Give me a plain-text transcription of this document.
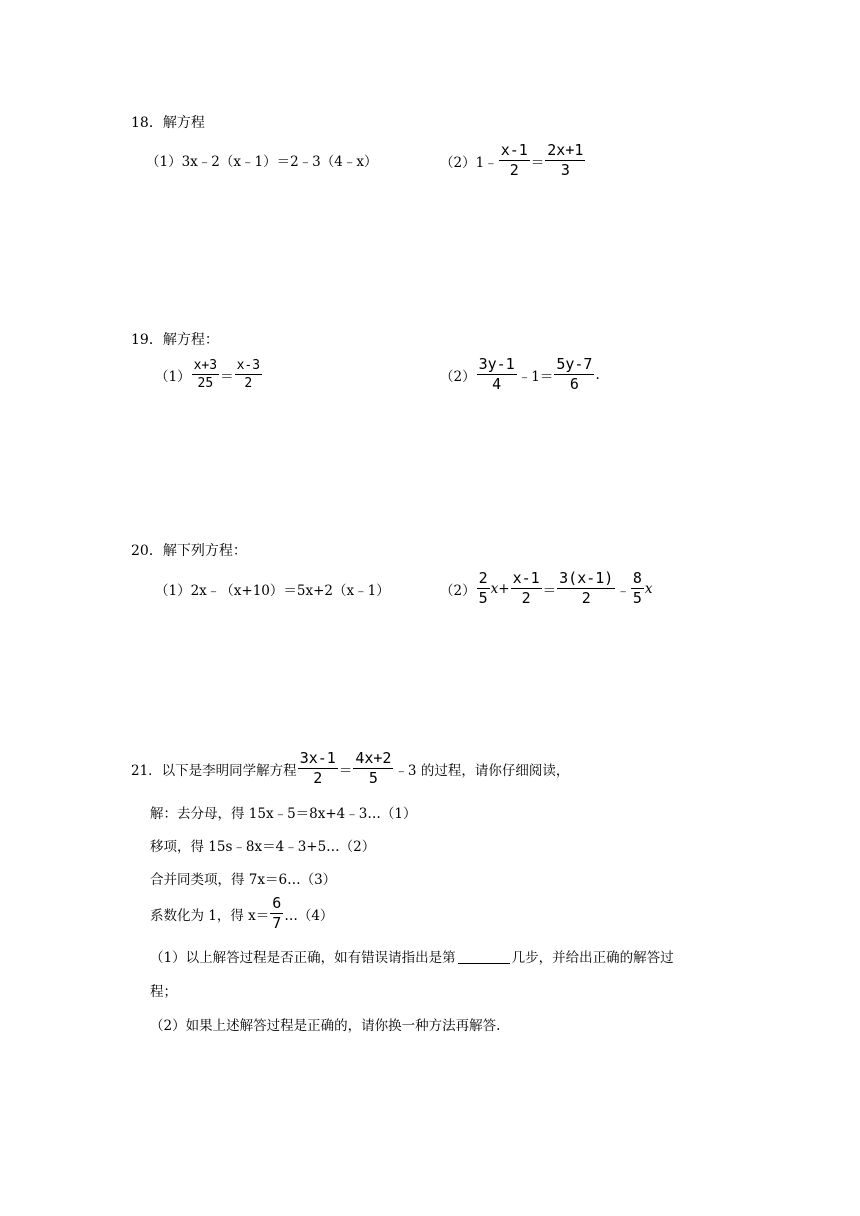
18．解方程
（1）3x﹣2（x﹣1）＝2﹣3（4﹣x）	（2）1﹣ $\frac{x-1}{2} = \frac{2x+1}{3}$
19．解方程：
$(1) \frac{x+3}{25} = \frac{x-3}{2}$	$(2) \frac{3y-1}{4}$ ﹣1＝ $\frac{5y-7}{6}$ .
20．解下列方程：
（1）2x﹣（x+10）＝5x+2（x﹣1）	$(2) \frac{2}{5} x+ \frac{x-1}{2} = \frac{3(x-1)}{2}$ ﹣ $\frac{8}{5}$ x
21．以下是李明同学解方程 $\frac{3x-1}{2} = \frac{4x+2}{5}$ ﹣3 的过程，请你仔细阅读，
解：去分母，得 15x﹣5＝8x+4﹣3…（1）
移项，得 15s﹣8x＝4﹣3+5…（2）
合并同类项，得 7x＝6…（3）
系数化为 1，得 $x= \frac{6}{7}$ …（4）
（1）以上解答过程是否正确，如有错误请指出是第	几步，并给出正确的解答过
程；
（2）如果上述解答过程是正确的，请你换一种方法再解答.
